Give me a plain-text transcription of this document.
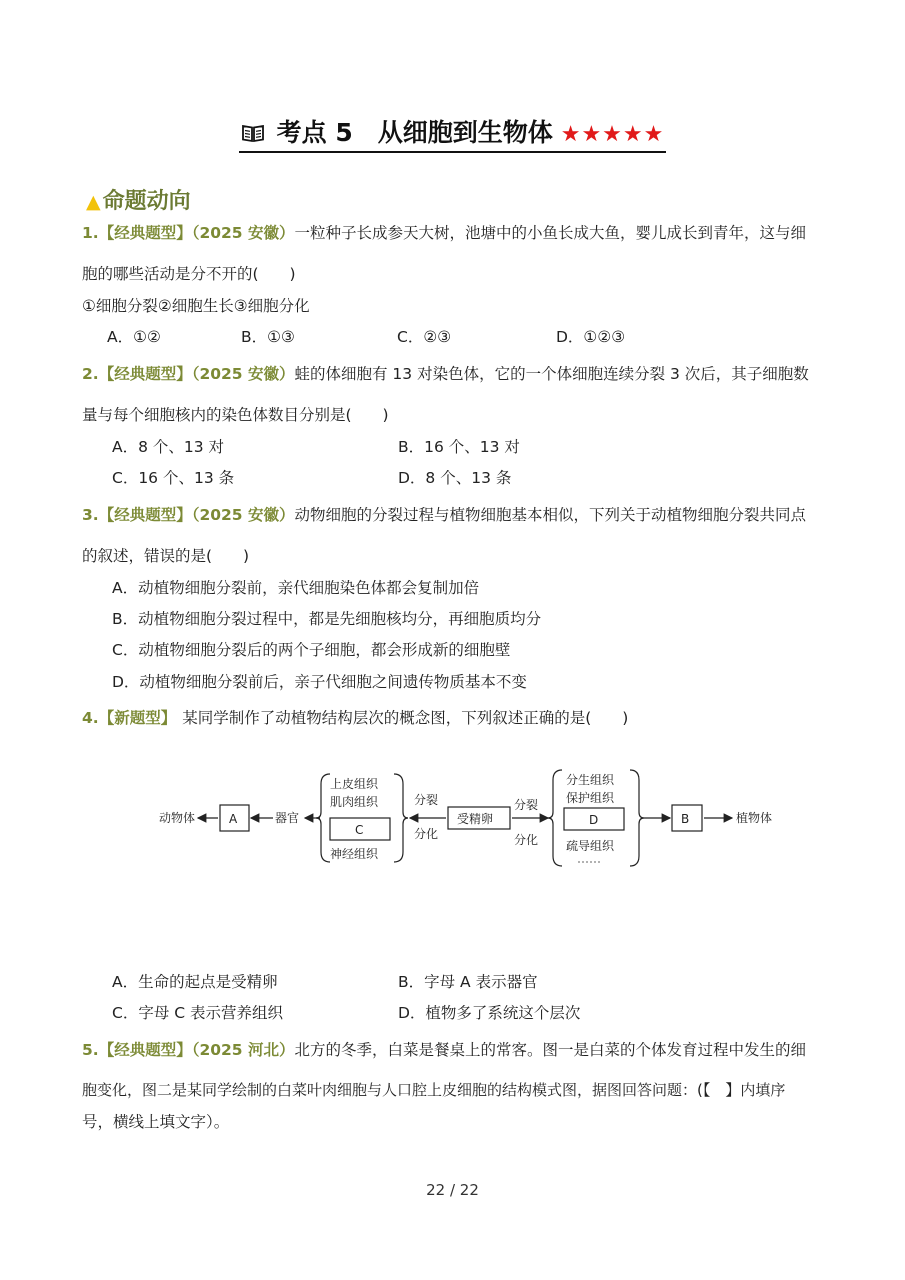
考点 5　从细胞到生物体 ★★★★★
▲命题动向
1.【经典题型】（2025 安徽）一粒种子长成参天大树，池塘中的小鱼长成大鱼，婴儿成长到青年，这与细
胞的哪些活动是分不开的(　　)
①细胞分裂②细胞生长③细胞分化
A．①②	B．①③	C．②③	D．①②③
2.【经典题型】（2025 安徽）蛙的体细胞有 13 对染色体，它的一个体细胞连续分裂 3 次后，其子细胞数
量与每个细胞核内的染色体数目分别是(　　)
A．8 个、13 对	B．16 个、13 对
C．16 个、13 条	D．8 个、13 条
3.【经典题型】（2025 安徽）动物细胞的分裂过程与植物细胞基本相似，下列关于动植物细胞分裂共同点
的叙述，错误的是(　　)
A．动植物细胞分裂前，亲代细胞染色体都会复制加倍
B．动植物细胞分裂过程中，都是先细胞核均分，再细胞质均分
C．动植物细胞分裂后的两个子细胞，都会形成新的细胞壁
D．动植物细胞分裂前后，亲子代细胞之间遗传物质基本不变
4.【新题型】 某同学制作了动植物结构层次的概念图，下列叙述正确的是(　　)
动物体	A	器官
上皮组织
肌肉组织
C
神经组织
分裂
分化
受精卵
分裂
分化
分生组织
保护组织
D
疏导组织
B	植物体
A．生命的起点是受精卵	B．字母 A 表示器官
C．字母 C 表示营养组织	D．植物多了系统这个层次
5.【经典题型】（2025 河北）北方的冬季，白菜是餐桌上的常客。图一是白菜的个体发育过程中发生的细
胞变化，图二是某同学绘制的白菜叶肉细胞与人口腔上皮细胞的结构模式图，据图回答问题：(【　】内填序
号，横线上填文字）。
22 / 22
